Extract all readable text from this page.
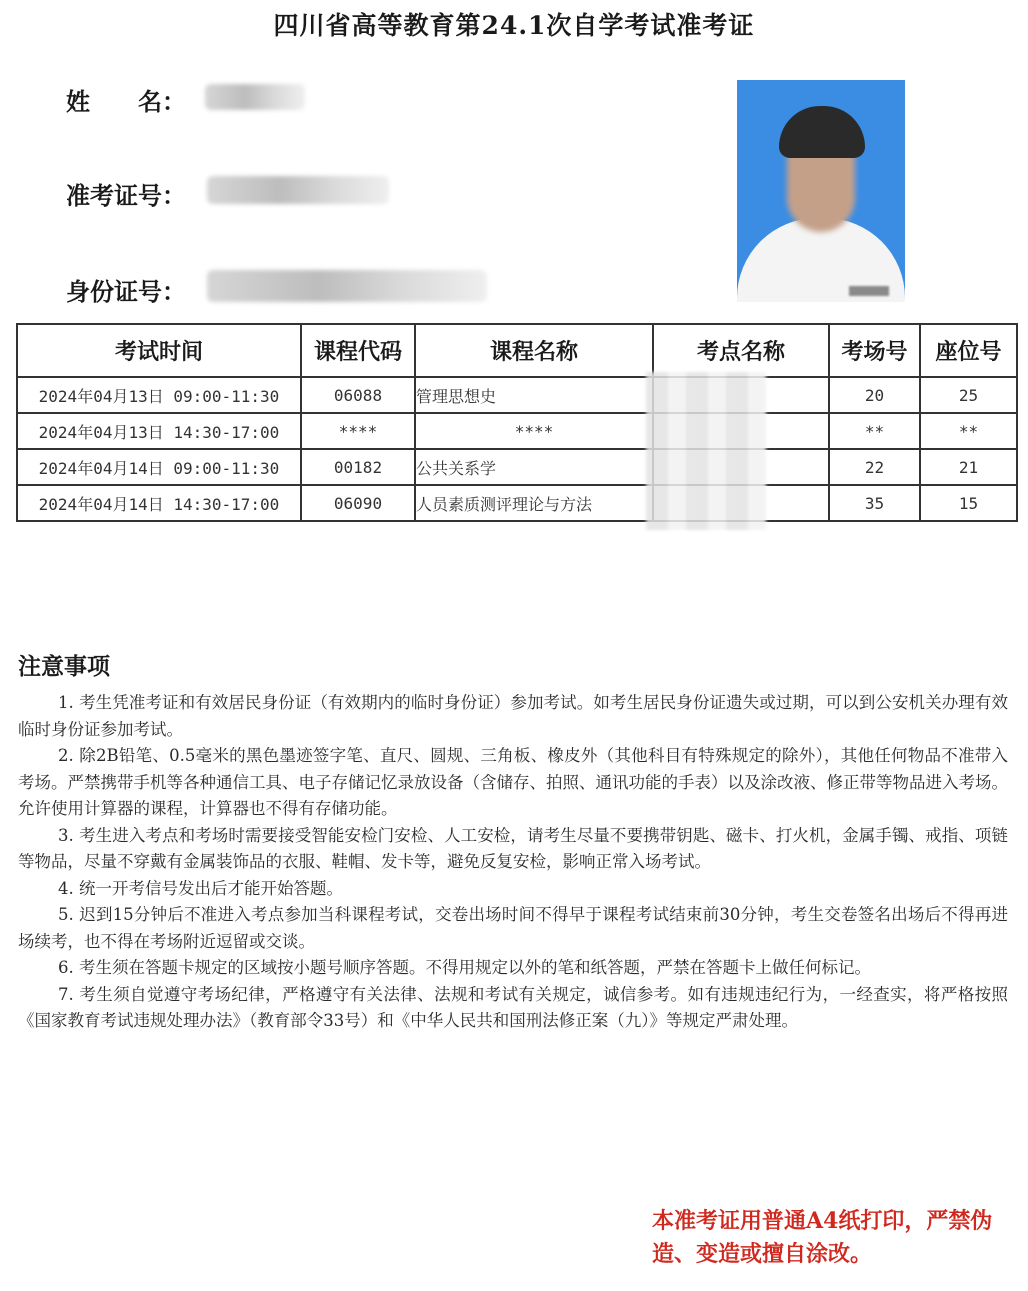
四川省高等教育第24.1次自学考试准考证
姓　　名：
准考证号：
身份证号：
考试时间	课程代码	课程名称	考点名称	考场号	座位号
2024年04月13日 09:00-11:30	06088	管理思想史		20	25
2024年04月13日 14:30-17:00	****	****		**	**
2024年04月14日 09:00-11:30	00182	公共关系学		22	21
2024年04月14日 14:30-17:00	06090	人员素质测评理论与方法		35	15
注意事项

1. 考生凭准考证和有效居民身份证（有效期内的临时身份证）参加考试。如考生居民身份证遗失或过期，可以到公安机关办理有效临时身份证参加考试。

2. 除2B铅笔、0.5毫米的黑色墨迹签字笔、直尺、圆规、三角板、橡皮外（其他科目有特殊规定的除外），其他任何物品不准带入考场。严禁携带手机等各种通信工具、电子存储记忆录放设备（含储存、拍照、通讯功能的手表）以及涂改液、修正带等物品进入考场。允许使用计算器的课程，计算器也不得有存储功能。

3. 考生进入考点和考场时需要接受智能安检门安检、人工安检，请考生尽量不要携带钥匙、磁卡、打火机，金属手镯、戒指、项链等物品，尽量不穿戴有金属装饰品的衣服、鞋帽、发卡等，避免反复安检，影响正常入场考试。

4. 统一开考信号发出后才能开始答题。

5. 迟到15分钟后不准进入考点参加当科课程考试，交卷出场时间不得早于课程考试结束前30分钟，考生交卷签名出场后不得再进场续考，也不得在考场附近逗留或交谈。

6. 考生须在答题卡规定的区域按小题号顺序答题。不得用规定以外的笔和纸答题，严禁在答题卡上做任何标记。

7. 考生须自觉遵守考场纪律，严格遵守有关法律、法规和考试有关规定，诚信参考。如有违规违纪行为，一经查实，将严格按照《国家教育考试违规处理办法》（教育部令33号）和《中华人民共和国刑法修正案（九）》等规定严肃处理。

本准考证用普通A4纸打印，严禁伪造、变造或擅自涂改。
